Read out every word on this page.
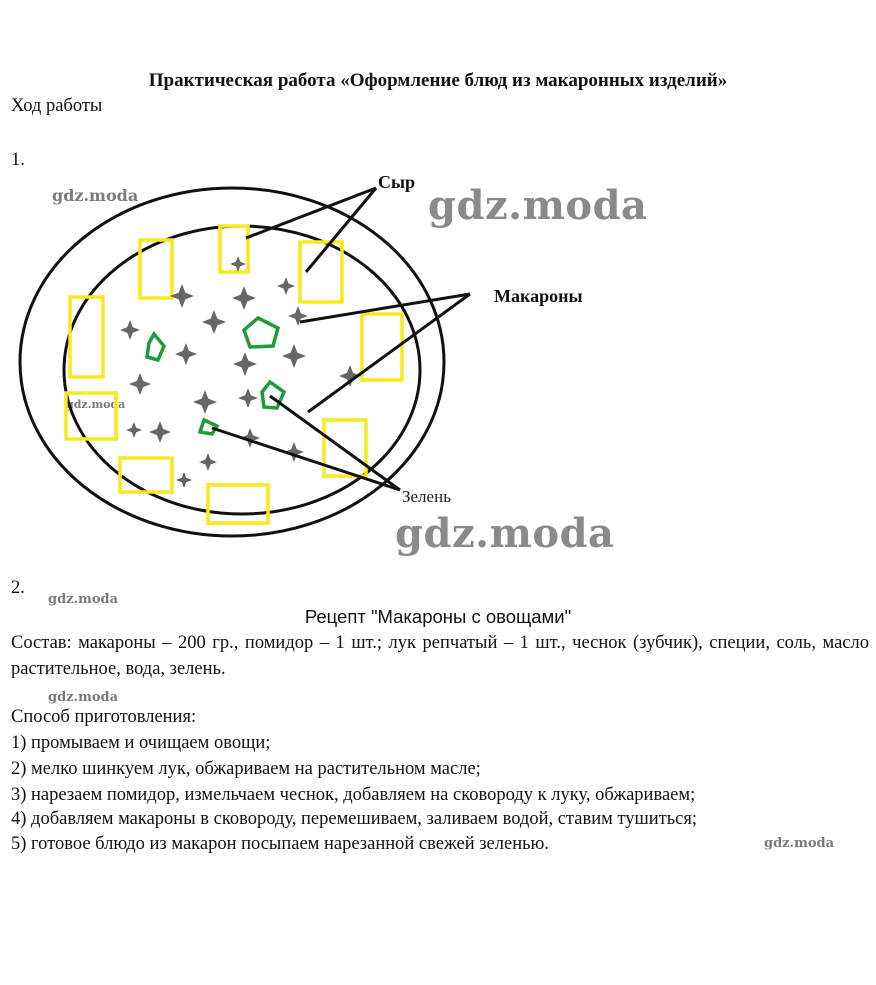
Практическая работа «Оформление блюд из макаронных изделий»
Ход работы
1.
gdz.moda	gdz.moda
gdz.moda
gdz.moda
Сыр
Макароны
Зелень
2.
gdz.moda
Рецепт "Макароны с овощами"
Состав: макароны – 200 гр., помидор – 1 шт.; лук репчатый – 1 шт., чеснок (зубчик), специи, соль, масло растительное, вода, зелень.
gdz.moda
Способ приготовления:
1) промываем и очищаем овощи;
2) мелко шинкуем лук, обжариваем на растительном масле;
3) нарезаем помидор, измельчаем чеснок, добавляем на сковороду к луку, обжариваем;
4) добавляем макароны в сковороду, перемешиваем, заливаем водой, ставим тушиться;
5) готовое блюдо из макарон посыпаем нарезанной свежей зеленью.	gdz.moda
